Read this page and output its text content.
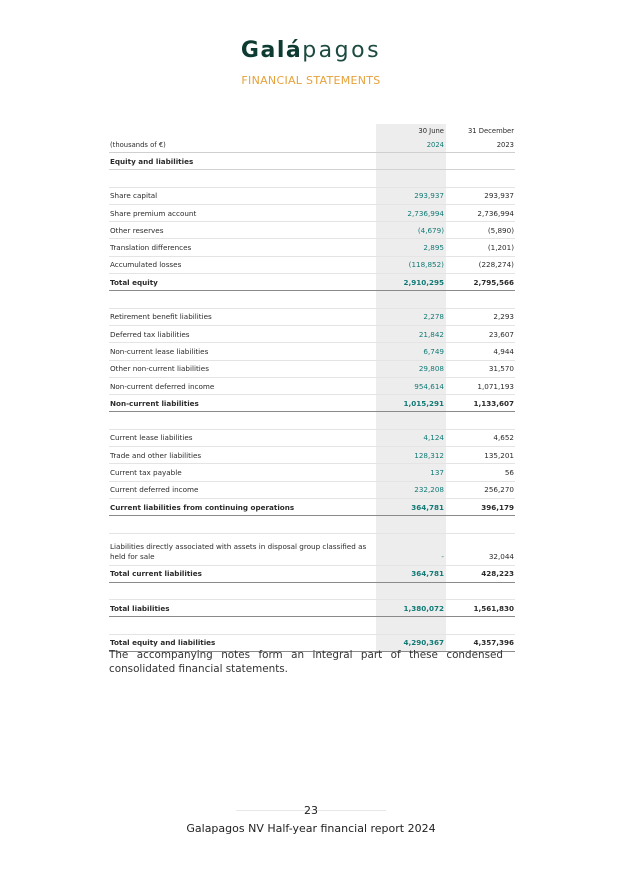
Galápagos
FINANCIAL STATEMENTS
	30 June	31 December
(thousands of €)	2024	2023
Equity and liabilities		

Share capital	293,937	293,937
Share premium account	2,736,994	2,736,994
Other reserves	(4,679)	(5,890)
Translation differences	2,895	(1,201)
Accumulated losses	(118,852)	(228,274)
Total equity	2,910,295	2,795,566

Retirement benefit liabilities	2,278	2,293
Deferred tax liabilities	21,842	23,607
Non-current lease liabilities	6,749	4,944
Other non-current liabilities	29,808	31,570
Non-current deferred income	954,614	1,071,193
Non-current liabilities	1,015,291	1,133,607

Current lease liabilities	4,124	4,652
Trade and other liabilities	128,312	135,201
Current tax payable	137	56
Current deferred income	232,208	256,270
Current liabilities from continuing operations	364,781	396,179

Liabilities directly associated with assets in disposal group classified as held for sale	-	32,044
Total current liabilities	364,781	428,223

Total liabilities	1,380,072	1,561,830

Total equity and liabilities	4,290,367	4,357,396
The accompanying notes form an integral part of these condensed consolidated financial statements.
23
Galapagos NV Half-year financial report 2024
